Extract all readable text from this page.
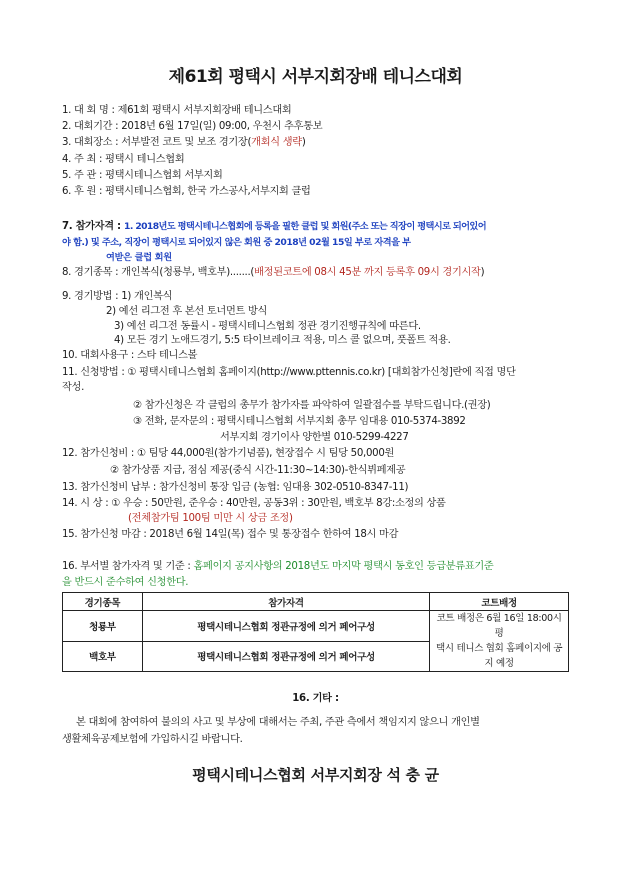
제61회 평택시 서부지회장배 테니스대회
1. 대 회 명 : 제61회 평택시 서부지회장배 테니스대회
2. 대회기간 : 2018년 6월 17일(일) 09:00, 우천시 추후통보
3. 대회장소 : 서부발전 코트 및 보조 경기장(개회식 생략)
4. 주 최 : 평택시 테니스협회
5. 주 관 : 평택시테니스협회 서부지회
6. 후 원 : 평택시테니스협회, 한국 가스공사,서부지회 클럽
7. 참가자격 : 1. 2018년도 평택시테니스협회에 등록을 필한 클럽 및 회원(주소 또는 직장이 평택시로 되어있어
야 함.) 및 주소, 직장이 평택시로 되어있지 않은 회원 중 2018년 02월 15일 부로 자격을 부
여받은 클럽 회원
8. 경기종목 : 개인복식(청룡부, 백호부).......(배정된코트에 08시 45분 까지 등록후 09시 경기시작)
9. 경기방법 : 1) 개인복식
2) 예선 리그전 후 본선 토너먼트 방식
3) 예선 리그전 동률시 - 평택시테니스협회 정관 경기진행규칙에 따른다.
4) 모든 경기 노애드경기, 5:5 타이브레이크 적용, 미스 콜 없으며, 풋폴트 적용.
10. 대회사용구 : 스타 테니스볼
11. 신청방법 : ① 평택시테니스협회 홈페이지(http://www.pttennis.co.kr) [대회참가신청]란에 직접 명단
작성.
② 참가신청은 각 클럽의 총무가 참가자를 파악하여 일괄접수를 부탁드립니다.(권장)
③ 전화, 문자문의 : 평택시테니스협회 서부지회 총무 임대용 010-5374-3892
서부지회 경기이사 양한별 010-5299-4227
12. 참가신청비 : ① 팀당 44,000원(참가기념품), 현장접수 시 팀당 50,000원
② 참가상품 지급, 점심 제공(중식 시간-11:30~14:30)-한식뷔페제공
13. 참가신청비 납부 : 참가신청비 통장 입금 (농협: 임대용 302-0510-8347-11)
14. 시 상 : ① 우승 : 50만원, 준우승 : 40만원, 공동3위 : 30만원, 백호부 8강:소정의 상품
(전체참가팀 100팀 미만 시 상금 조정)
15. 참가신청 마감 : 2018년 6월 14일(목) 접수 및 통장접수 한하여 18시 마감
16. 부서별 참가자격 및 기준 : 홈페이지 공지사항의 2018년도 마지막 평택시 동호인 등급분류표기준
을 반드시 준수하여 신청한다.
경기종목	참가자격	코트배정
청룡부	평택시테니스협회 정관규정에 의거 페어구성	코트 배정은 6월 16일 18:00시 평
택시 테니스 협회 홈페이지에 공
지 예정

백호부	평택시테니스협회 정관규정에 의거 페어구성	
16. 기타 :
본 대회에 참여하여 불의의 사고 및 부상에 대해서는 주최, 주관 측에서 책임지지 않으니 개인별
생활체육공제보험에 가입하시길 바랍니다.
평택시테니스협회 서부지회장 석 충 균
